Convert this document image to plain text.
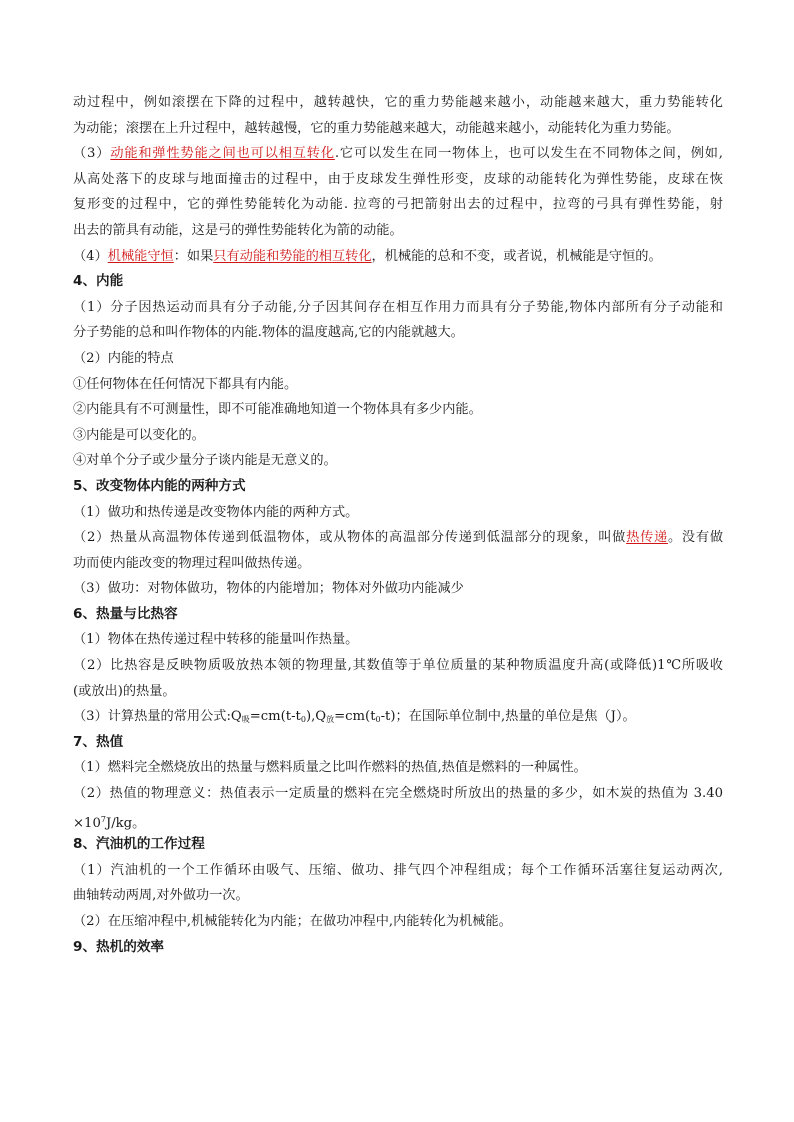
动过程中，例如滚摆在下降的过程中，越转越快，它的重力势能越来越小，动能越来越大，重力势能转化
为动能；滚摆在上升过程中，越转越慢，它的重力势能越来越大，动能越来越小，动能转化为重力势能。
（3）动能和弹性势能之间也可以相互转化.它可以发生在同一物体上，也可以发生在不同物体之间，例如,
从高处落下的皮球与地面撞击的过程中，由于皮球发生弹性形变，皮球的动能转化为弹性势能，皮球在恢
复形变的过程中，它的弹性势能转化为动能. 拉弯的弓把箭射出去的过程中，拉弯的弓具有弹性势能，射
出去的箭具有动能，这是弓的弹性势能转化为箭的动能。
（4）机械能守恒：如果只有动能和势能的相互转化，机械能的总和不变，或者说，机械能是守恒的。
4、内能
（1）分子因热运动而具有分子动能,分子因其间存在相互作用力而具有分子势能,物体内部所有分子动能和
分子势能的总和叫作物体的内能.物体的温度越高,它的内能就越大。
（2）内能的特点
①任何物体在任何情况下都具有内能。
②内能具有不可测量性，即不可能准确地知道一个物体具有多少内能。
③内能是可以变化的。
④对单个分子或少量分子谈内能是无意义的。
5、改变物体内能的两种方式
（1）做功和热传递是改变物体内能的两种方式。
（2）热量从高温物体传递到低温物体，或从物体的高温部分传递到低温部分的现象，叫做热传递。没有做
功而使内能改变的物理过程叫做热传递。
（3）做功：对物体做功，物体的内能增加；物体对外做功内能减少
6、热量与比热容
（1）物体在热传递过程中转移的能量叫作热量。
（2）比热容是反映物质吸放热本领的物理量,其数值等于单位质量的某种物质温度升高(或降低)1℃所吸收
(或放出)的热量。
（3）计算热量的常用公式$:Q_吸=cm(t-t_0),Q_放=cm(t_0-t)$；在国际单位制中,热量的单位是焦（J）。
7、热值
（1）燃料完全燃烧放出的热量与燃料质量之比叫作燃料的热值,热值是燃料的一种属性。
（2）热值的物理意义：热值表示一定质量的燃料在完全燃烧时所放出的热量的多少，如木炭的热值为 3.40
$\times 10^7J/kg$。
8、汽油机的工作过程
（1）汽油机的一个工作循环由吸气、压缩、做功、排气四个冲程组成；每个工作循环活塞往复运动两次,
曲轴转动两周,对外做功一次。
（2）在压缩冲程中,机械能转化为内能；在做功冲程中,内能转化为机械能。
9、热机的效率
